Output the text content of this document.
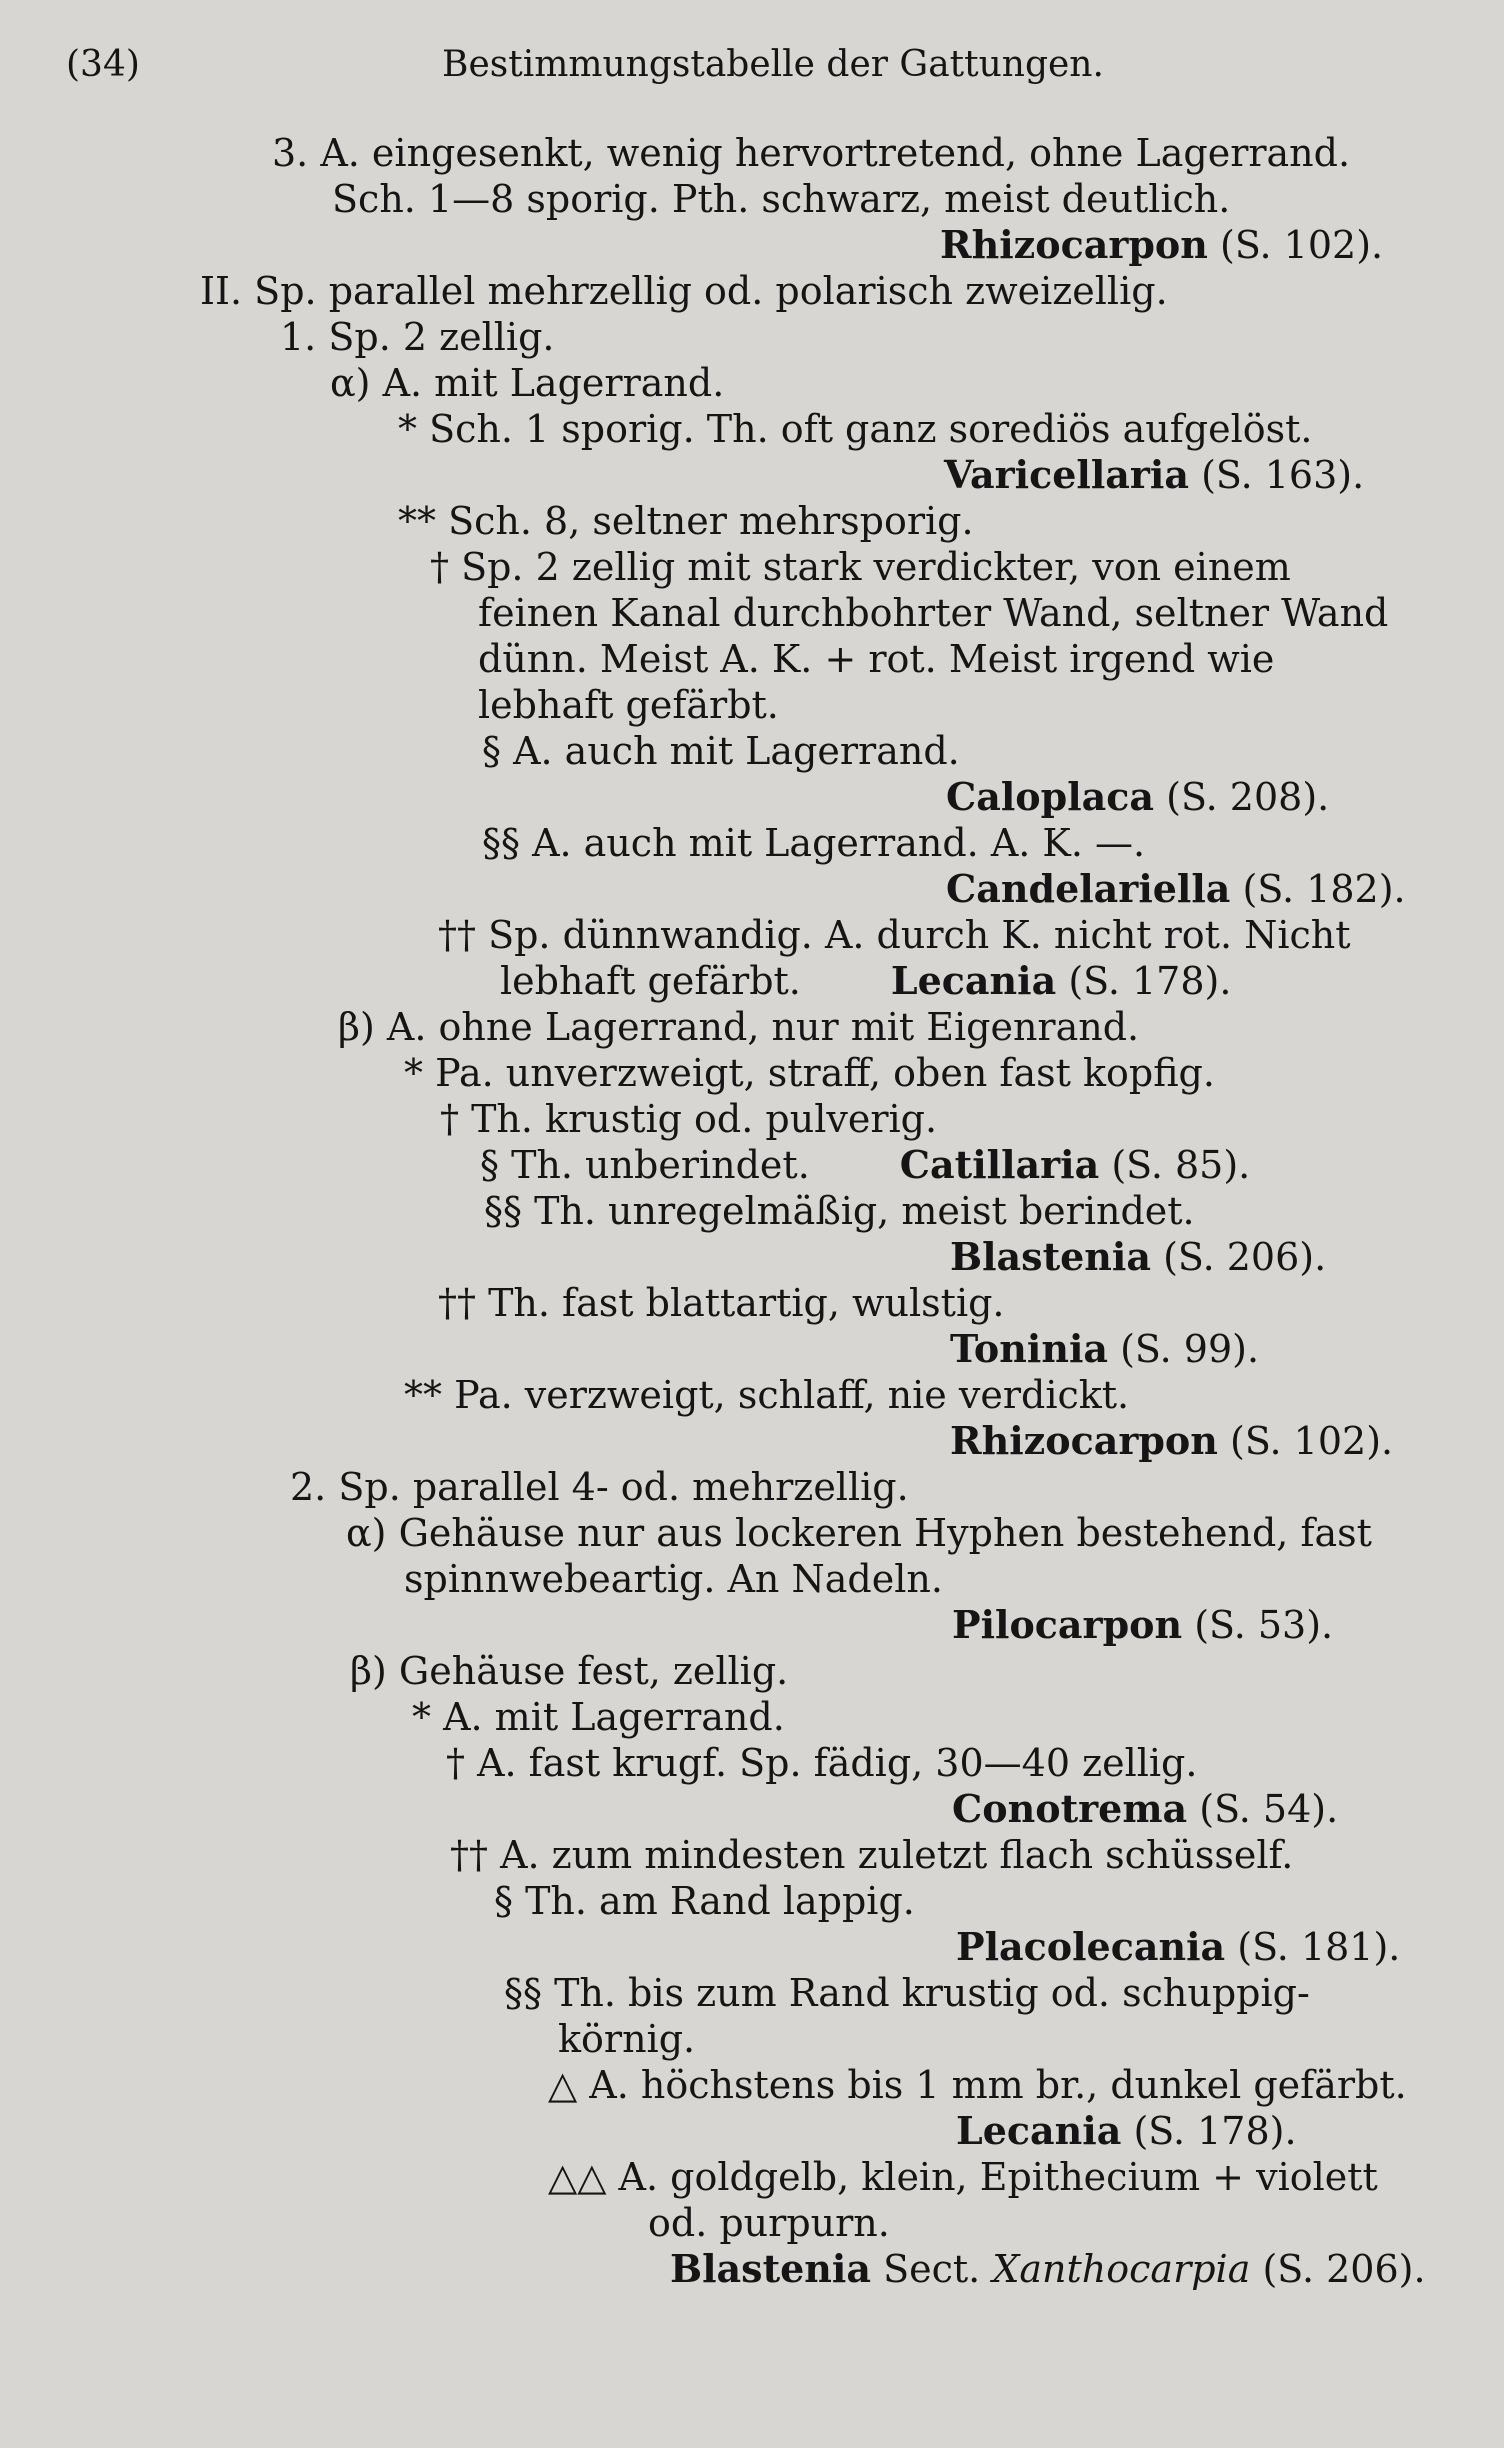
(34)	Bestimmungstabelle der Gattungen.
3. A. eingesenkt, wenig hervortretend, ohne Lagerrand.
Sch. 1—8 sporig. Pth. schwarz, meist deutlich.
Rhizocarpon (S. 102).
II. Sp. parallel mehrzellig od. polarisch zweizellig.
1. Sp. 2 zellig.
α) A. mit Lagerrand.
* Sch. 1 sporig. Th. oft ganz sorediös aufgelöst.
Varicellaria (S. 163).
** Sch. 8, seltner mehrsporig.
† Sp. 2 zellig mit stark verdickter, von einem
feinen Kanal durchbohrter Wand, seltner Wand
dünn. Meist A. K. + rot. Meist irgend wie
lebhaft gefärbt.
§ A. auch mit Lagerrand.
Caloplaca (S. 208).
§§ A. auch mit Lagerrand. A. K. —.
Candelariella (S. 182).
†† Sp. dünnwandig. A. durch K. nicht rot. Nicht
lebhaft gefärbt. Lecania (S. 178).
β) A. ohne Lagerrand, nur mit Eigenrand.
* Pa. unverzweigt, straff, oben fast kopfig.
† Th. krustig od. pulverig.
§ Th. unberindet. Catillaria (S. 85).
§§ Th. unregelmäßig, meist berindet.
Blastenia (S. 206).
†† Th. fast blattartig, wulstig.
Toninia (S. 99).
** Pa. verzweigt, schlaff, nie verdickt.
Rhizocarpon (S. 102).
2. Sp. parallel 4- od. mehrzellig.
α) Gehäuse nur aus lockeren Hyphen bestehend, fast
spinnwebeartig. An Nadeln.
Pilocarpon (S. 53).
β) Gehäuse fest, zellig.
* A. mit Lagerrand.
† A. fast krugf. Sp. fädig, 30—40 zellig.
Conotrema (S. 54).
†† A. zum mindesten zuletzt flach schüsself.
§ Th. am Rand lappig.
Placolecania (S. 181).
§§ Th. bis zum Rand krustig od. schuppig-
körnig.
△ A. höchstens bis 1 mm br., dunkel gefärbt.
Lecania (S. 178).
△△ A. goldgelb, klein, Epithecium + violett
od. purpurn.
Blastenia Sect. Xanthocarpia (S. 206).
